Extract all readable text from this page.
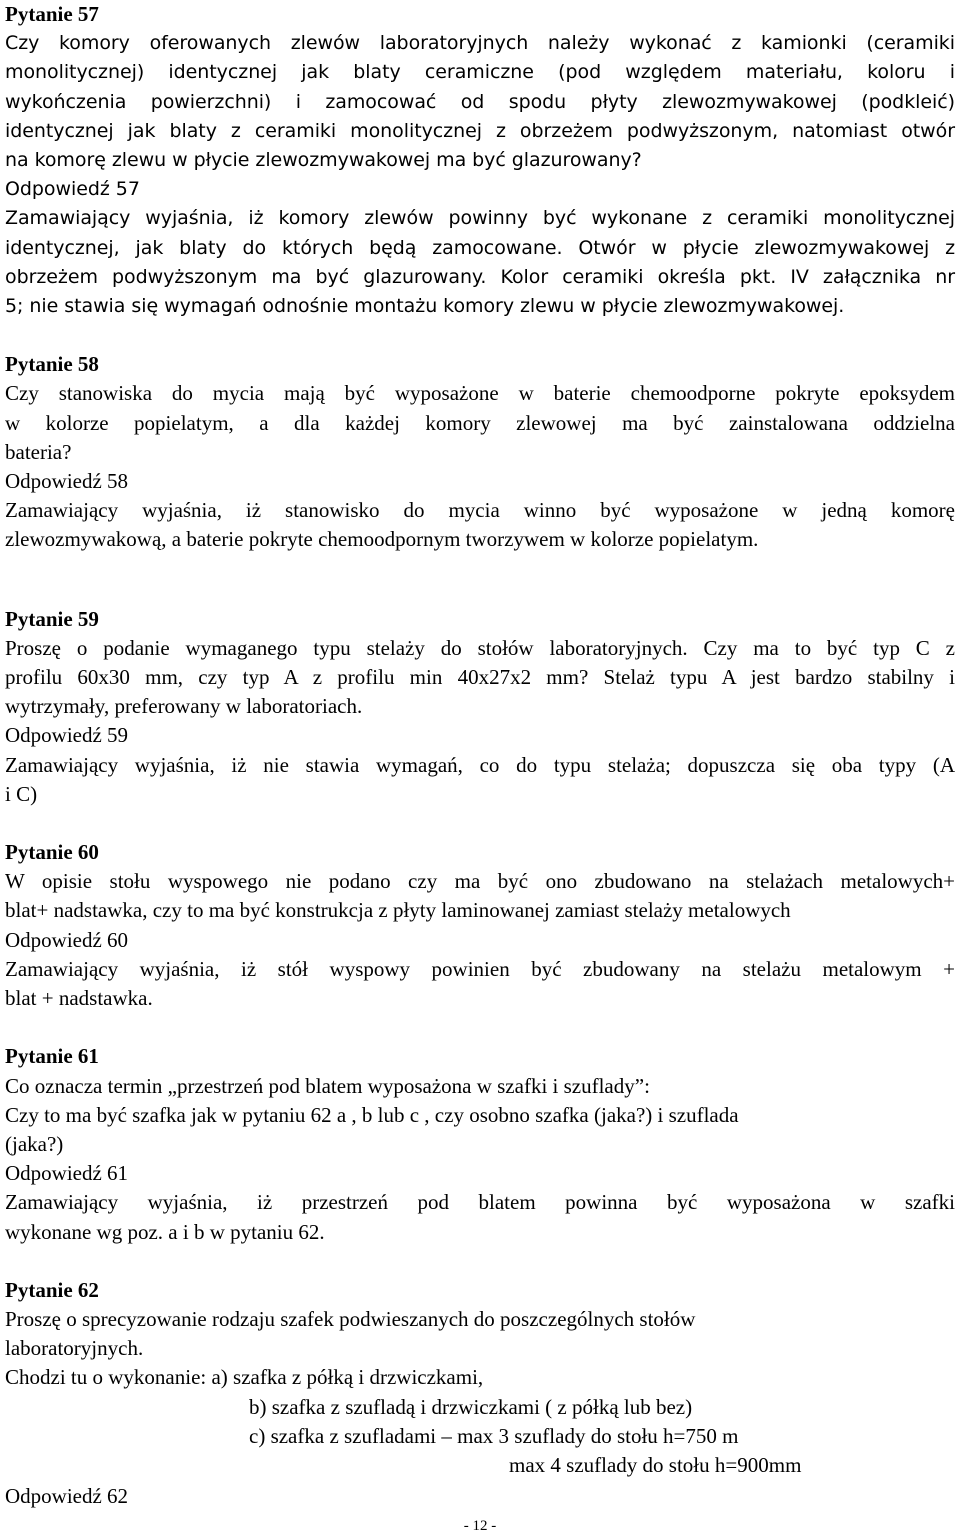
Pytanie 57
Czy komory oferowanych zlewów laboratoryjnych należy wykonać z kamionki (ceramiki
monolitycznej) identycznej jak blaty ceramiczne (pod względem materiału, koloru i
wykończenia powierzchni) i zamocować od spodu płyty zlewozmywakowej (podkleić)
identycznej jak blaty z ceramiki monolitycznej z obrzeżem podwyższonym, natomiast otwór
na komorę zlewu w płycie zlewozmywakowej ma być glazurowany?
Odpowiedź 57
Zamawiający wyjaśnia, iż komory zlewów powinny być wykonane z ceramiki monolitycznej
identycznej, jak blaty do których będą zamocowane. Otwór w płycie zlewozmywakowej z
obrzeżem podwyższonym ma być glazurowany. Kolor ceramiki określa pkt. IV załącznika nr
5; nie stawia się wymagań odnośnie montażu komory zlewu w płycie zlewozmywakowej.
Pytanie 58
Czy stanowiska do mycia mają być wyposażone w baterie chemoodporne pokryte epoksydem
w kolorze popielatym, a dla każdej komory zlewowej ma być zainstalowana oddzielna
bateria?
Odpowiedź 58
Zamawiający wyjaśnia, iż stanowisko do mycia winno być wyposażone w jedną komorę
zlewozmywakową, a baterie pokryte chemoodpornym tworzywem w kolorze popielatym.
Pytanie 59
Proszę o podanie wymaganego typu stelaży do stołów laboratoryjnych. Czy ma to być typ C z
profilu 60x30 mm, czy typ A z profilu min 40x27x2 mm? Stelaż typu A jest bardzo stabilny i
wytrzymały, preferowany w laboratoriach.
Odpowiedź 59
Zamawiający wyjaśnia, iż nie stawia wymagań, co do typu stelaża; dopuszcza się oba typy (A
i C)
Pytanie 60
W opisie stołu wyspowego nie podano czy ma być ono zbudowano na stelażach metalowych+
blat+ nadstawka, czy to ma być konstrukcja z płyty laminowanej zamiast stelaży metalowych
Odpowiedź 60
Zamawiający wyjaśnia, iż stół wyspowy powinien być zbudowany na stelażu metalowym +
blat + nadstawka.
Pytanie 61
Co oznacza termin „przestrzeń pod blatem wyposażona w szafki i szuflady”:
Czy to ma być szafka jak w pytaniu 62 a , b lub c , czy osobno szafka (jaka?) i szuflada
(jaka?)
Odpowiedź 61
Zamawiający wyjaśnia, iż przestrzeń pod blatem powinna być wyposażona w szafki
wykonane wg poz. a i b w pytaniu 62.
Pytanie 62
Proszę o sprecyzowanie rodzaju szafek podwieszanych do poszczególnych stołów
laboratoryjnych.
Chodzi tu o wykonanie: a) szafka z półką i drzwiczkami,
b) szafka z szufladą i drzwiczkami ( z półką lub bez)
c) szafka z szufladami – max 3 szuflady do stołu h=750 m
max 4 szuflady do stołu h=900mm
Odpowiedź 62
- 12 -
